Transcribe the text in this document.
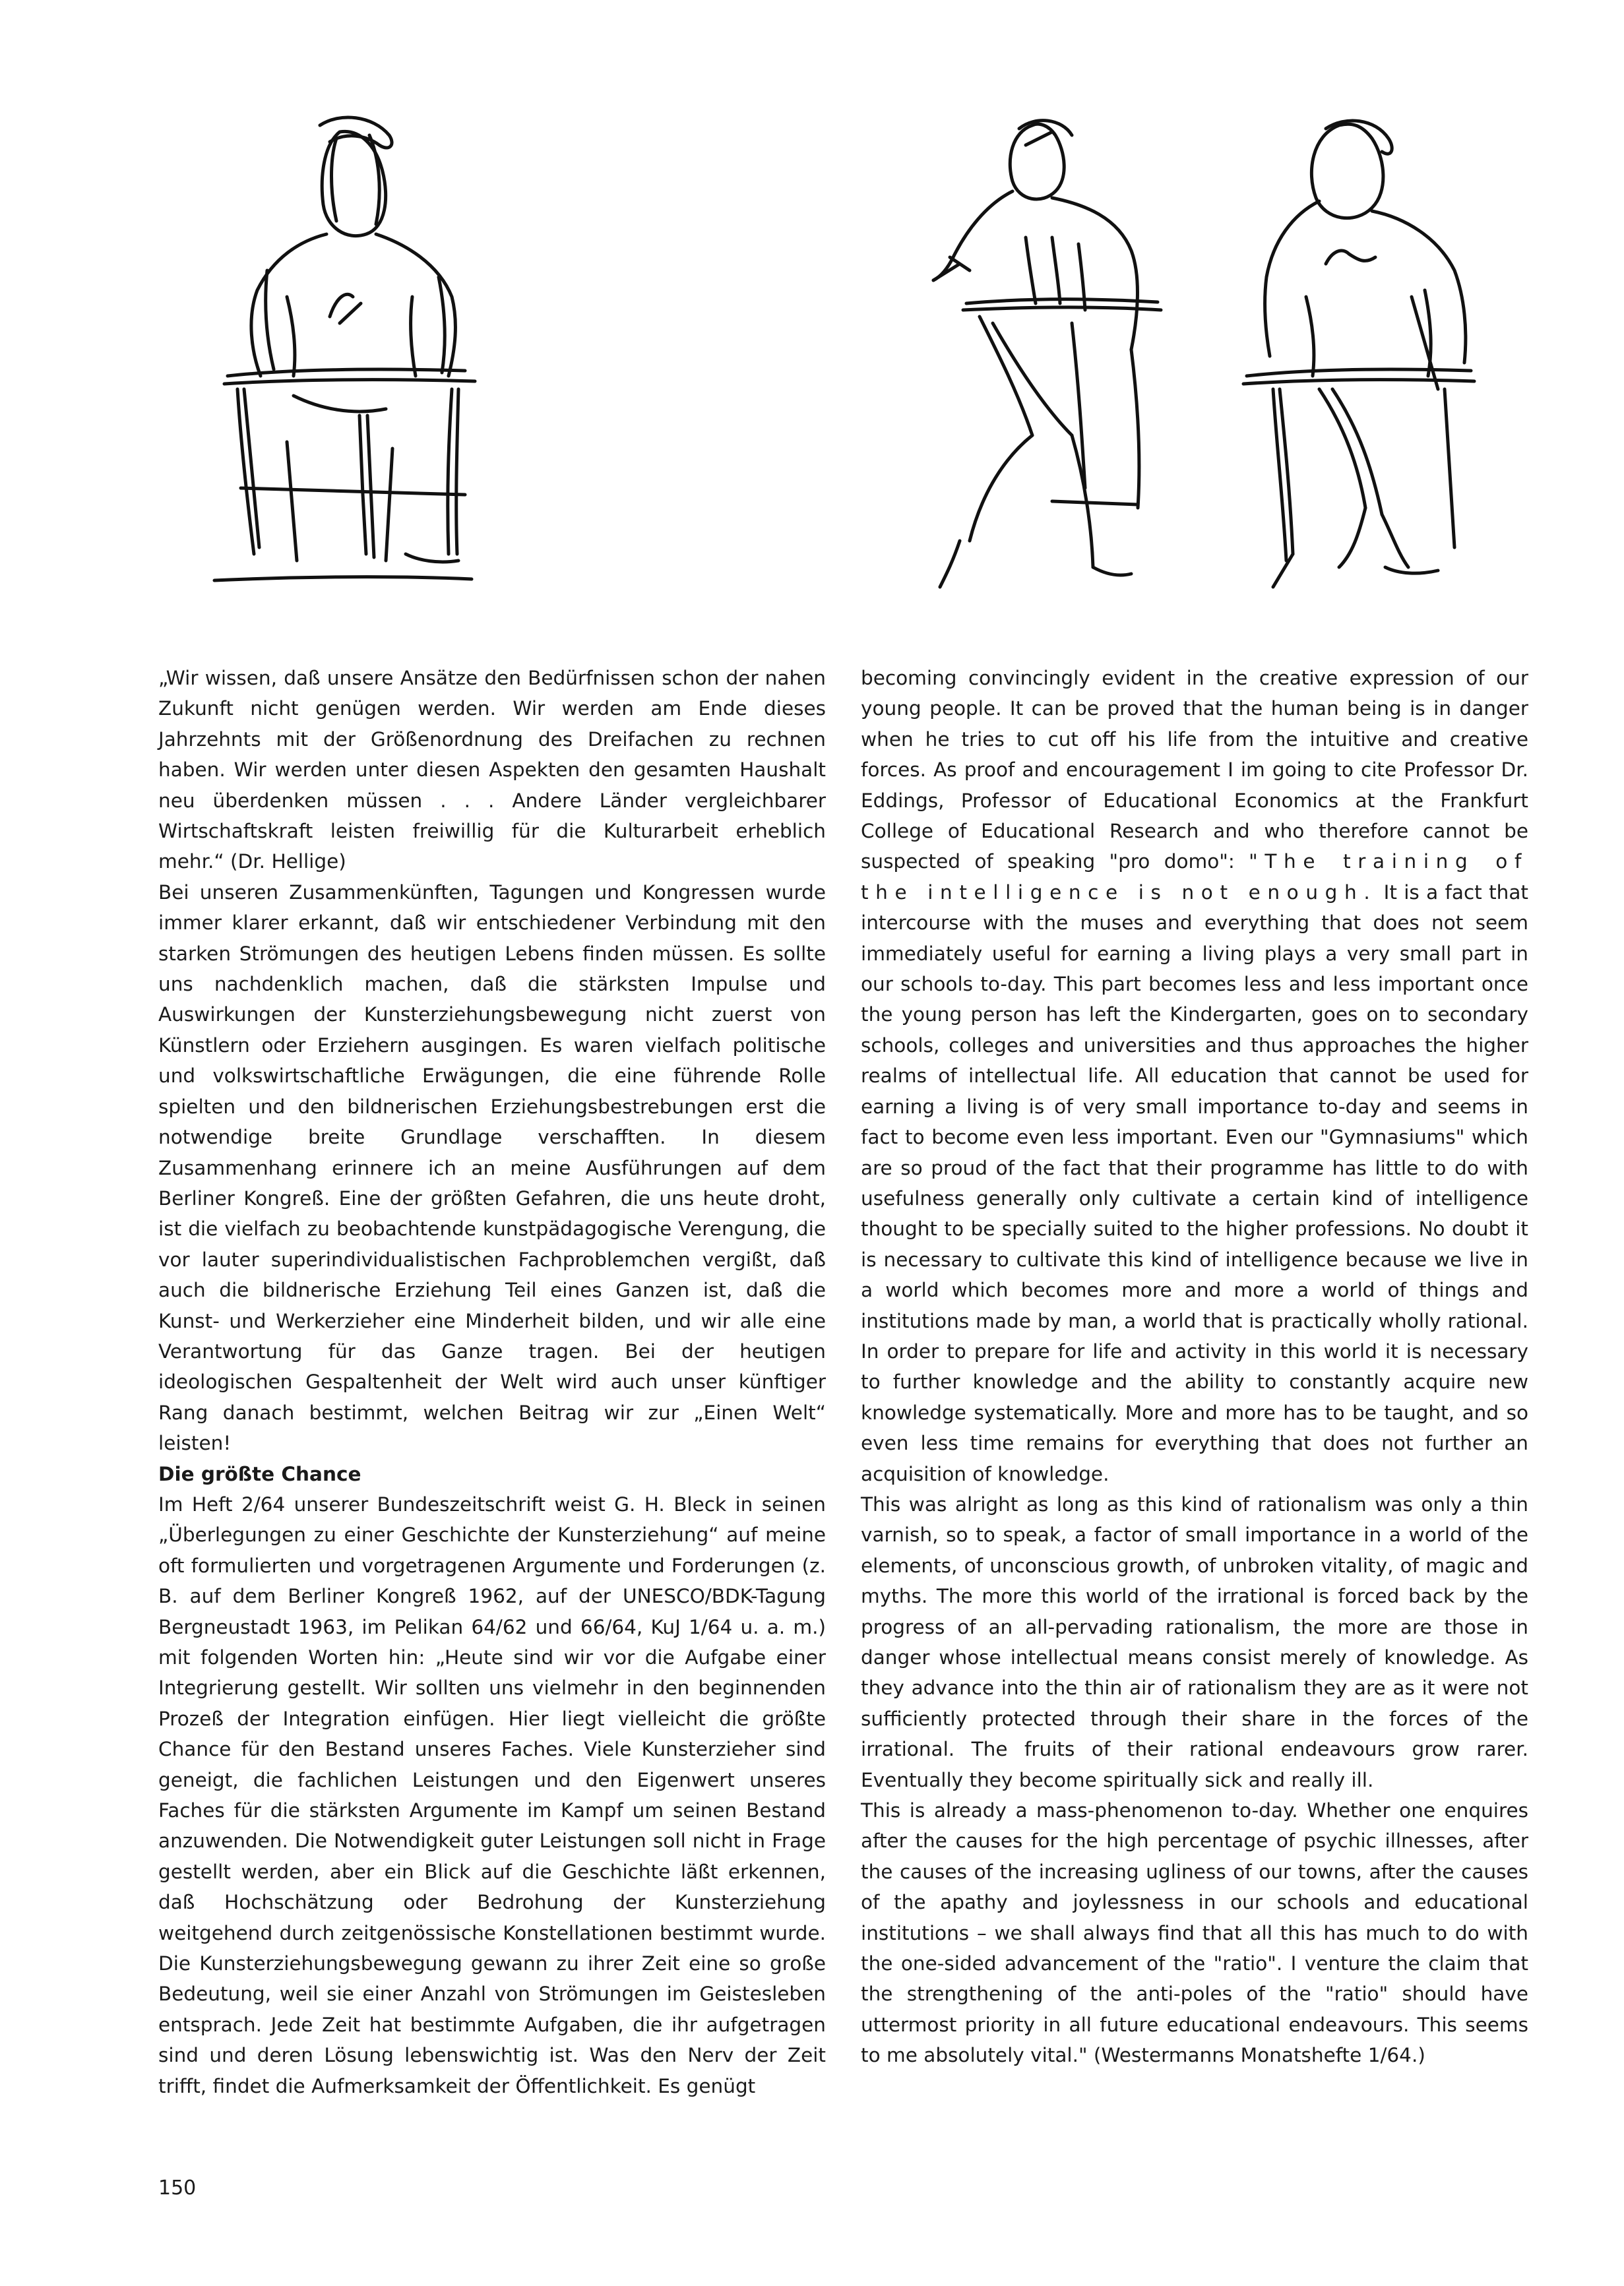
„Wir wissen, daß unsere Ansätze den Bedürfnissen schon der nahen Zukunft nicht genügen werden. Wir werden am Ende dieses Jahrzehnts mit der Größenordnung des Dreifachen zu rechnen haben. Wir werden unter diesen Aspekten den gesamten Haushalt neu überdenken müssen . . . Andere Länder vergleichbarer Wirtschaftskraft leisten freiwillig für die Kulturarbeit erheblich mehr.“ (Dr. Hellige)

Bei unseren Zusammenkünften, Tagungen und Kongressen wurde immer klarer erkannt, daß wir entschiedener Verbindung mit den starken Strömungen des heutigen Lebens finden müssen. Es sollte uns nachdenklich machen, daß die stärksten Impulse und Auswirkungen der Kunsterziehungsbewegung nicht zuerst von Künstlern oder Erziehern ausgingen. Es waren vielfach politische und volkswirtschaftliche Erwägungen, die eine führende Rolle spielten und den bildnerischen Erziehungsbestrebungen erst die notwendige breite Grundlage verschafften. In diesem Zusammenhang erinnere ich an meine Ausführungen auf dem Berliner Kongreß. Eine der größten Gefahren, die uns heute droht, ist die vielfach zu beobachtende kunstpädagogische Verengung, die vor lauter superindividualistischen Fachproblemchen vergißt, daß auch die bildnerische Erziehung Teil eines Ganzen ist, daß die Kunst- und Werkerzieher eine Minderheit bilden, und wir alle eine Verantwortung für das Ganze tragen. Bei der heutigen ideologischen Gespaltenheit der Welt wird auch unser künftiger Rang danach bestimmt, welchen Beitrag wir zur „Einen Welt“ leisten!

Die größte Chance

Im Heft 2/64 unserer Bundeszeitschrift weist G. H. Bleck in seinen „Überlegungen zu einer Geschichte der Kunsterziehung“ auf meine oft formulierten und vorgetragenen Argumente und Forderungen (z. B. auf dem Berliner Kongreß 1962, auf der UNESCO/BDK-Tagung Bergneustadt 1963, im Pelikan 64/62 und 66/64, KuJ 1/64 u. a. m.) mit folgenden Worten hin: „Heute sind wir vor die Aufgabe einer Integrierung gestellt. Wir sollten uns vielmehr in den beginnenden Prozeß der Integration einfügen. Hier liegt vielleicht die größte Chance für den Bestand unseres Faches. Viele Kunsterzieher sind geneigt, die fachlichen Leistungen und den Eigenwert unseres Faches für die stärksten Argumente im Kampf um seinen Bestand anzuwenden. Die Notwendigkeit guter Leistungen soll nicht in Frage gestellt werden, aber ein Blick auf die Geschichte läßt erkennen, daß Hochschätzung oder Bedrohung der Kunsterziehung weitgehend durch zeitgenössische Konstellationen bestimmt wurde. Die Kunsterziehungsbewegung gewann zu ihrer Zeit eine so große Bedeutung, weil sie einer Anzahl von Strömungen im Geistesleben entsprach. Jede Zeit hat bestimmte Aufgaben, die ihr aufgetragen sind und deren Lösung lebenswichtig ist. Was den Nerv der Zeit trifft, findet die Aufmerksamkeit der Öffentlichkeit. Es genügt

becoming convincingly evident in the creative expression of our young people. It can be proved that the human being is in danger when he tries to cut off his life from the intuitive and creative forces. As proof and encouragement I im going to cite Professor Dr. Eddings, Professor of Educational Economics at the Frankfurt College of Educational Research and who therefore cannot be suspected of speaking "pro domo": "The training of the intelligence is not enough. It is a fact that intercourse with the muses and everything that does not seem immediately useful for earning a living plays a very small part in our schools to-day. This part becomes less and less important once the young person has left the Kindergarten, goes on to secondary schools, colleges and universities and thus approaches the higher realms of intellectual life. All education that cannot be used for earning a living is of very small importance to-day and seems in fact to become even less important. Even our "Gymnasiums" which are so proud of the fact that their programme has little to do with usefulness generally only cultivate a certain kind of intelligence thought to be specially suited to the higher professions. No doubt it is necessary to cultivate this kind of intelligence because we live in a world which becomes more and more a world of things and institutions made by man, a world that is practically wholly rational. In order to prepare for life and activity in this world it is necessary to further knowledge and the ability to constantly acquire new knowledge systematically. More and more has to be taught, and so even less time remains for everything that does not further an acquisition of knowledge.

This was alright as long as this kind of rationalism was only a thin varnish, so to speak, a factor of small importance in a world of the elements, of unconscious growth, of unbroken vitality, of magic and myths. The more this world of the irrational is forced back by the progress of an all-pervading rationalism, the more are those in danger whose intellectual means consist merely of knowledge. As they advance into the thin air of rationalism they are as it were not sufficiently protected through their share in the forces of the irrational. The fruits of their rational endeavours grow rarer. Eventually they become spiritually sick and really ill.

This is already a mass-phenomenon to-day. Whether one enquires after the causes for the high percentage of psychic illnesses, after the causes of the increasing ugliness of our towns, after the causes of the apathy and joylessness in our schools and educational institutions – we shall always find that all this has much to do with the one-sided advancement of the "ratio". I venture the claim that the strengthening of the anti-poles of the "ratio" should have uttermost priority in all future educational endeavours. This seems to me absolutely vital." (Westermanns Monatshefte 1/64.)

150
